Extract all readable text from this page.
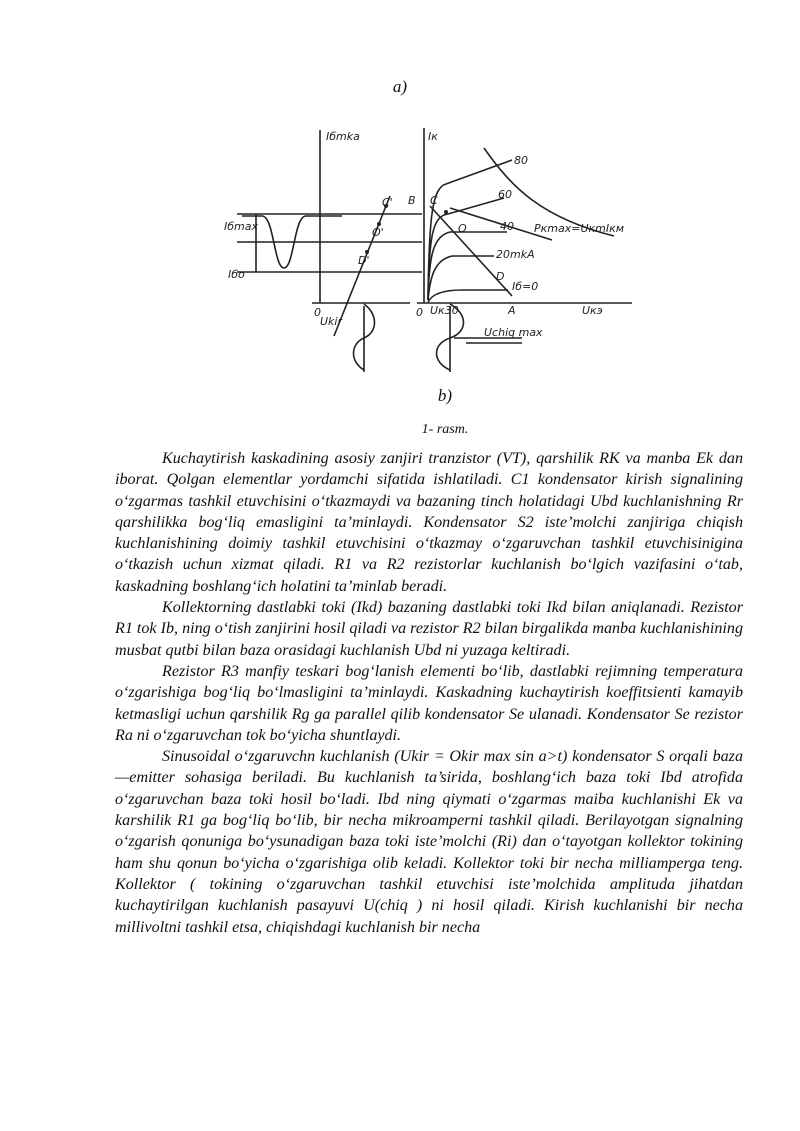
a)
Iбmkа
Iбmax
Iбо
0
Ukir
C'
O'
D'
Iк
B C
O
D
A
0	Uкэ
80
60
40
20mkA
Iб=0
Pкmax=UкmIкм
Uк30
Uchiq max
b)
1- rasm.

Kuchaytirish kaskadining asosiy zanjiri tranzistor (VT), qarshilik RK va manba Ek dan iborat. Qolgan elementlar yordamchi sifatida ishlatiladi. C1 kondensator kirish signalining o‘zgarmas tashkil etuvchisini o‘tkazmaydi va bazaning tinch holatidagi Ubd kuchlanishning Rr qarshilikka bog‘liq emasligini ta’minlaydi. Kondensator S2 iste’molchi zanjiriga chiqish kuchlanishining doimiy tashkil etuvchisini o‘tkazmay o‘zgaruvchan tashkil etuvchisinigina o‘tkazish uchun xizmat qiladi. R1 va R2 rezistorlar kuchlanish bo‘lgich vazifasini o‘tab, kaskadning boshlang‘ich holatini ta’minlab beradi.

Kollektorning dastlabki toki (Ikd) bazaning dastlabki toki Ikd bilan aniqlanadi. Rezistor R1 tok Ib, ning o‘tish zanjirini hosil qiladi va rezistor R2 bilan birgalikda manba kuchlanishining musbat qutbi bilan baza orasidagi kuchlanish Ubd ni yuzaga keltiradi.

Rezistor R3 manfiy teskari bog‘lanish elementi bo‘lib, dastlabki rejimning temperatura o‘zgarishiga bog‘liq bo‘lmasligini ta’minlaydi. Kaskadning kuchaytirish koeffitsienti kamayib ketmasligi uchun qarshilik Rg ga parallel qilib kondensator Se ulanadi. Kondensator Se rezistor Ra ni o‘zgaruvchan tok bo‘yicha shuntlaydi.

Sinusoidal o‘zgaruvchn kuchlanish (Ukir = Okir max sin a>t) kondensator S orqali baza —emitter sohasiga beriladi. Bu kuchlanish ta’sirida, boshlang‘ich baza toki Ibd atrofida o‘zgaruvchan baza toki hosil bo‘ladi. Ibd ning qiymati o‘zgarmas maiba kuchlanishi Ek va karshilik R1 ga bog‘liq bo‘lib, bir necha mikroamperni tashkil qiladi. Berilayotgan signalning o‘zgarish qonuniga bo‘ysunadigan baza toki iste’molchi (Ri) dan o‘tayotgan kollektor tokining ham shu qonun bo‘yicha o‘zgarishiga olib keladi. Kollektor toki bir necha milliamperga teng. Kollektor ( tokining o‘zgaruvchan tashkil etuvchisi iste’molchida amplituda jihatdan kuchaytirilgan kuchlanish pasayuvi U(chiq ) ni hosil qiladi. Kirish kuchlanishi bir necha millivoltni tashkil etsa, chiqishdagi kuchlanish bir necha
